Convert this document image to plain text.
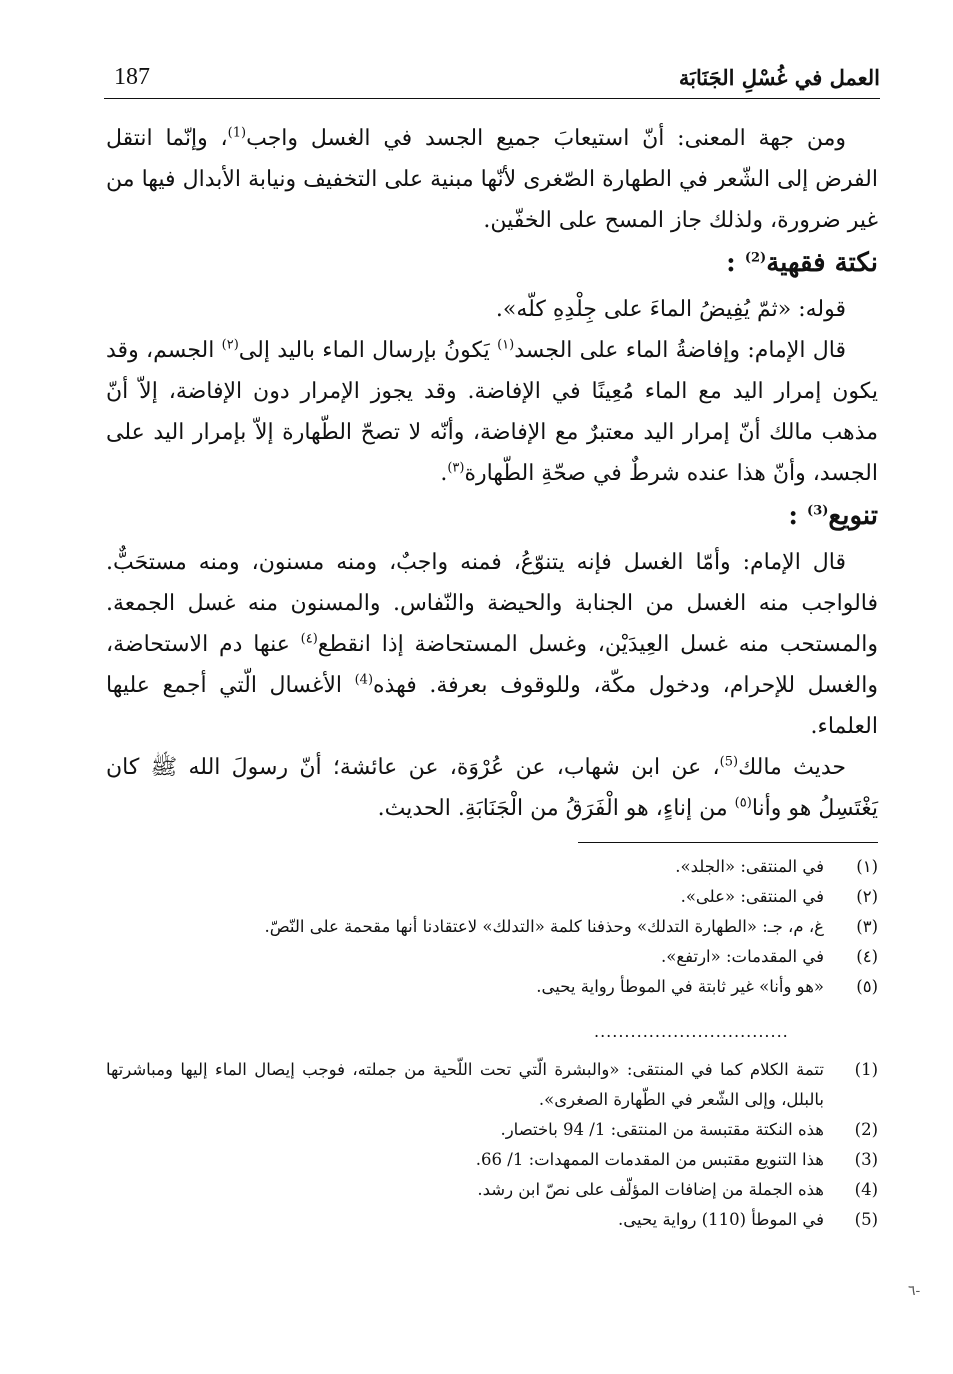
187	العمل في غُسْلِ الجَنَابَة

ومن جهة المعنى: أنّ استيعابَ جميع الجسد في الغسل واجب$^{(1)}$، وإنّما انتقل الفرض إلى الشّعر في الطهارة الصّغرى لأنّها مبنية على التخفيف ونيابة الأبدال فيها من غير ضرورة، ولذلك جاز المسح على الخفّين.

نكتة فقهية$^{(2)}$ :

قوله: «ثمّ يُفِيضُ الماءَ على جِلْدِهِ كلّه».

قال الإمام: وإفاضةُ الماء على الجسد$^{(١)}$ يَكونُ بإرسال الماء باليد إلى$^{(٢)}$ الجسم، وقد يكون إمرار اليد مع الماء مُعِينًا في الإفاضة. وقد يجوز الإمرار دون الإفاضة، إلاّ أنّ مذهب مالك أنّ إمرار اليد معتبرٌ مع الإفاضة، وأنّه لا تصحّ الطّهارة إلاّ بإمرار اليد على الجسد، وأنّ هذا عنده شرطٌ في صحّةِ الطّهارة$^{(٣)}$.

تنويع$^{(3)}$ :

قال الإمام: وأمّا الغسل فإنه يتنوّعُ، فمنه واجبٌ، ومنه مسنون، ومنه مستحَبٌّ. فالواجب منه الغسل من الجنابة والحيضة والنّفاس. والمسنون منه غسل الجمعة. والمستحب منه غسل العِيدَيْن، وغسل المستحاضة إذا انقطع$^{(٤)}$ عنها دم الاستحاضة، والغسل للإحرام، ودخول مكّة، وللوقوف بعرفة. فهذه$^{(4)}$ الأغسال الّتي أجمع عليها العلماء.

حديث مالك$^{(5)}$، عن ابن شهاب، عن عُرْوَة، عن عائشة؛ أنّ رسولَ الله ﷺ كان يَغْتَسِلُ هو وأنا$^{(٥)}$ من إناءٍ، هو الْفَرَقُ من الْجَنَابَةِ. الحديث.

(١)
في المنتقى: «الجلد».
(٢)
في المنتقى: «على».
(٣)
غ، م، جـ: «الطهارة التدلك» وحذفنا كلمة «التدلك» لاعتقادنا أنها مقحمة على النّصّ.
(٤)
في المقدمات: «ارتفع».
(٥)
«هو وأنا» غير ثابتة في الموطأ رواية يحيى.
................................
(1)
تتمة الكلام كما في المنتقى: «والبشرة الّتي تحت اللّحية من جملته، فوجب إيصال الماء إليها ومباشرتها بالبلل، وإلى الشّعر في الطّهارة الصغرى».
(2)
هذه النكتة مقتبسة من المنتقى: 1/ 94 باختصار.
(3)
هذا التنويع مقتبس من المقدمات الممهدات: 1/ 66.
(4)
هذه الجملة من إضافات المؤلّف على نصّ ابن رشد.
(5)
في الموطأ (110) رواية يحيى.
٦-
